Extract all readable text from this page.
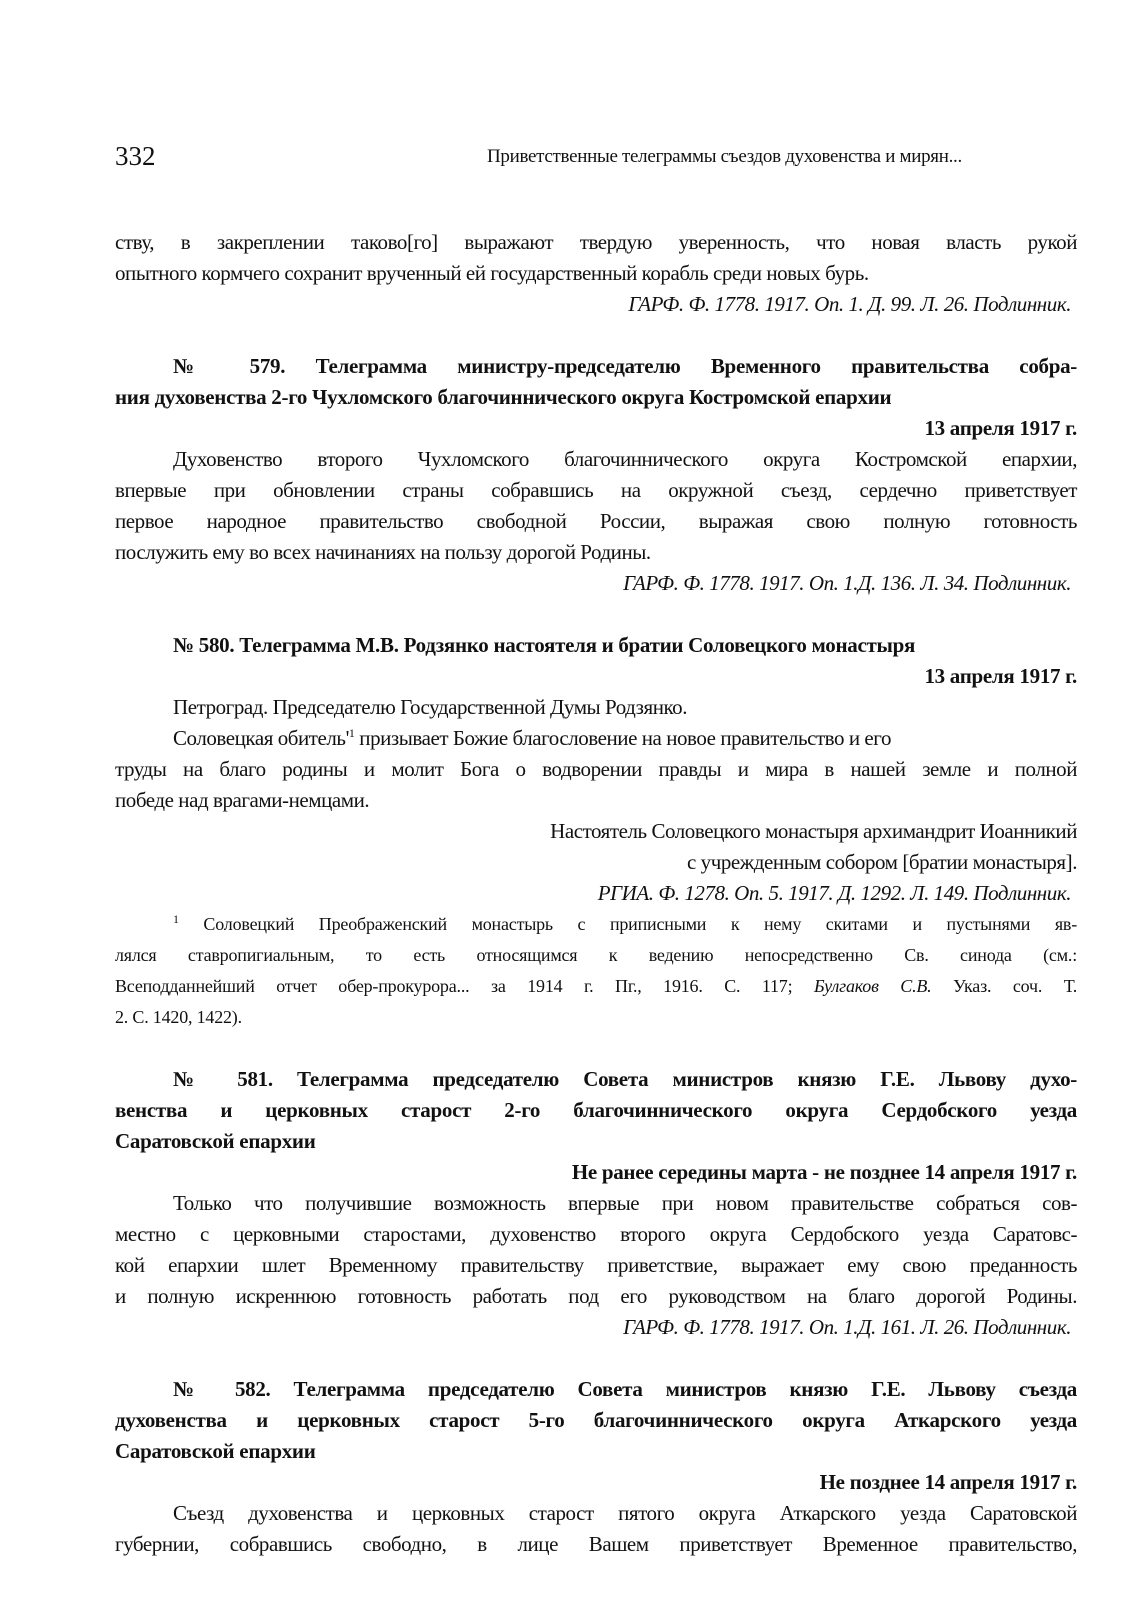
332	Приветственные телеграммы съездов духовенства и мирян...
ству, в закреплении таково[го] выражают твердую уверенность, что новая власть рукой
опытного кормчего сохранит врученный ей государственный корабль среди новых бурь.
ГАРФ. Ф. 1778. 1917. Оп. 1. Д. 99. Л. 26. Подлинник.
№ 579. Телеграмма министру-председателю Временного правительства собра-
ния духовенства 2-го Чухломского благочиннического округа Костромской епархии
13 апреля 1917 г.
Духовенство второго Чухломского благочиннического округа Костромской епархии,
впервые при обновлении страны собравшись на окружной съезд, сердечно приветствует
первое народное правительство свободной России, выражая свою полную готовность
послужить ему во всех начинаниях на пользу дорогой Родины.
ГАРФ. Ф. 1778. 1917. Оп. 1.Д. 136. Л. 34. Подлинник.
№ 580. Телеграмма М.В. Родзянко настоятеля и братии Соловецкого монастыря
13 апреля 1917 г.
Петроград. Председателю Государственной Думы Родзянко.
Соловецкая $обитель'^1$ призывает Божие благословение на новое правительство и его
труды на благо родины и молит Бога о водворении правды и мира в нашей земле и полной
победе над врагами-немцами.
Настоятель Соловецкого монастыря архимандрит Иоанникий
с учрежденным собором [братии монастыря].
РГИА. Ф. 1278. Оп. 5. 1917. Д. 1292. Л. 149. Подлинник.
$^1$ Соловецкий Преображенский монастырь с приписными к нему скитами и пустынями яв-
лялся ставропигиальным, то есть относящимся к ведению непосредственно Св. синода (см.:
Всеподданнейший отчет обер-прокурора... за 1914 г. Пг., 1916. С. 117; Булгаков С.В. Указ. соч. Т.
2. С. 1420, 1422).
№ 581. Телеграмма председателю Совета министров князю Г.Е. Львову духо-
венства и церковных старост 2-го благочиннического округа Сердобского уезда
Саратовской епархии
Не ранее середины марта - не позднее 14 апреля 1917 г.
Только что получившие возможность впервые при новом правительстве собраться сов-
местно с церковными старостами, духовенство второго округа Сердобского уезда Саратовс-
кой епархии шлет Временному правительству приветствие, выражает ему свою преданность
и полную искреннюю готовность работать под его руководством на благо дорогой Родины.
ГАРФ. Ф. 1778. 1917. Оп. 1.Д. 161. Л. 26. Подлинник.
№ 582. Телеграмма председателю Совета министров князю Г.Е. Львову съезда
духовенства и церковных старост 5-го благочиннического округа Аткарского уезда
Саратовской епархии
Не позднее 14 апреля 1917 г.
Съезд духовенства и церковных старост пятого округа Аткарского уезда Саратовской
губернии, собравшись свободно, в лице Вашем приветствует Временное правительство,
